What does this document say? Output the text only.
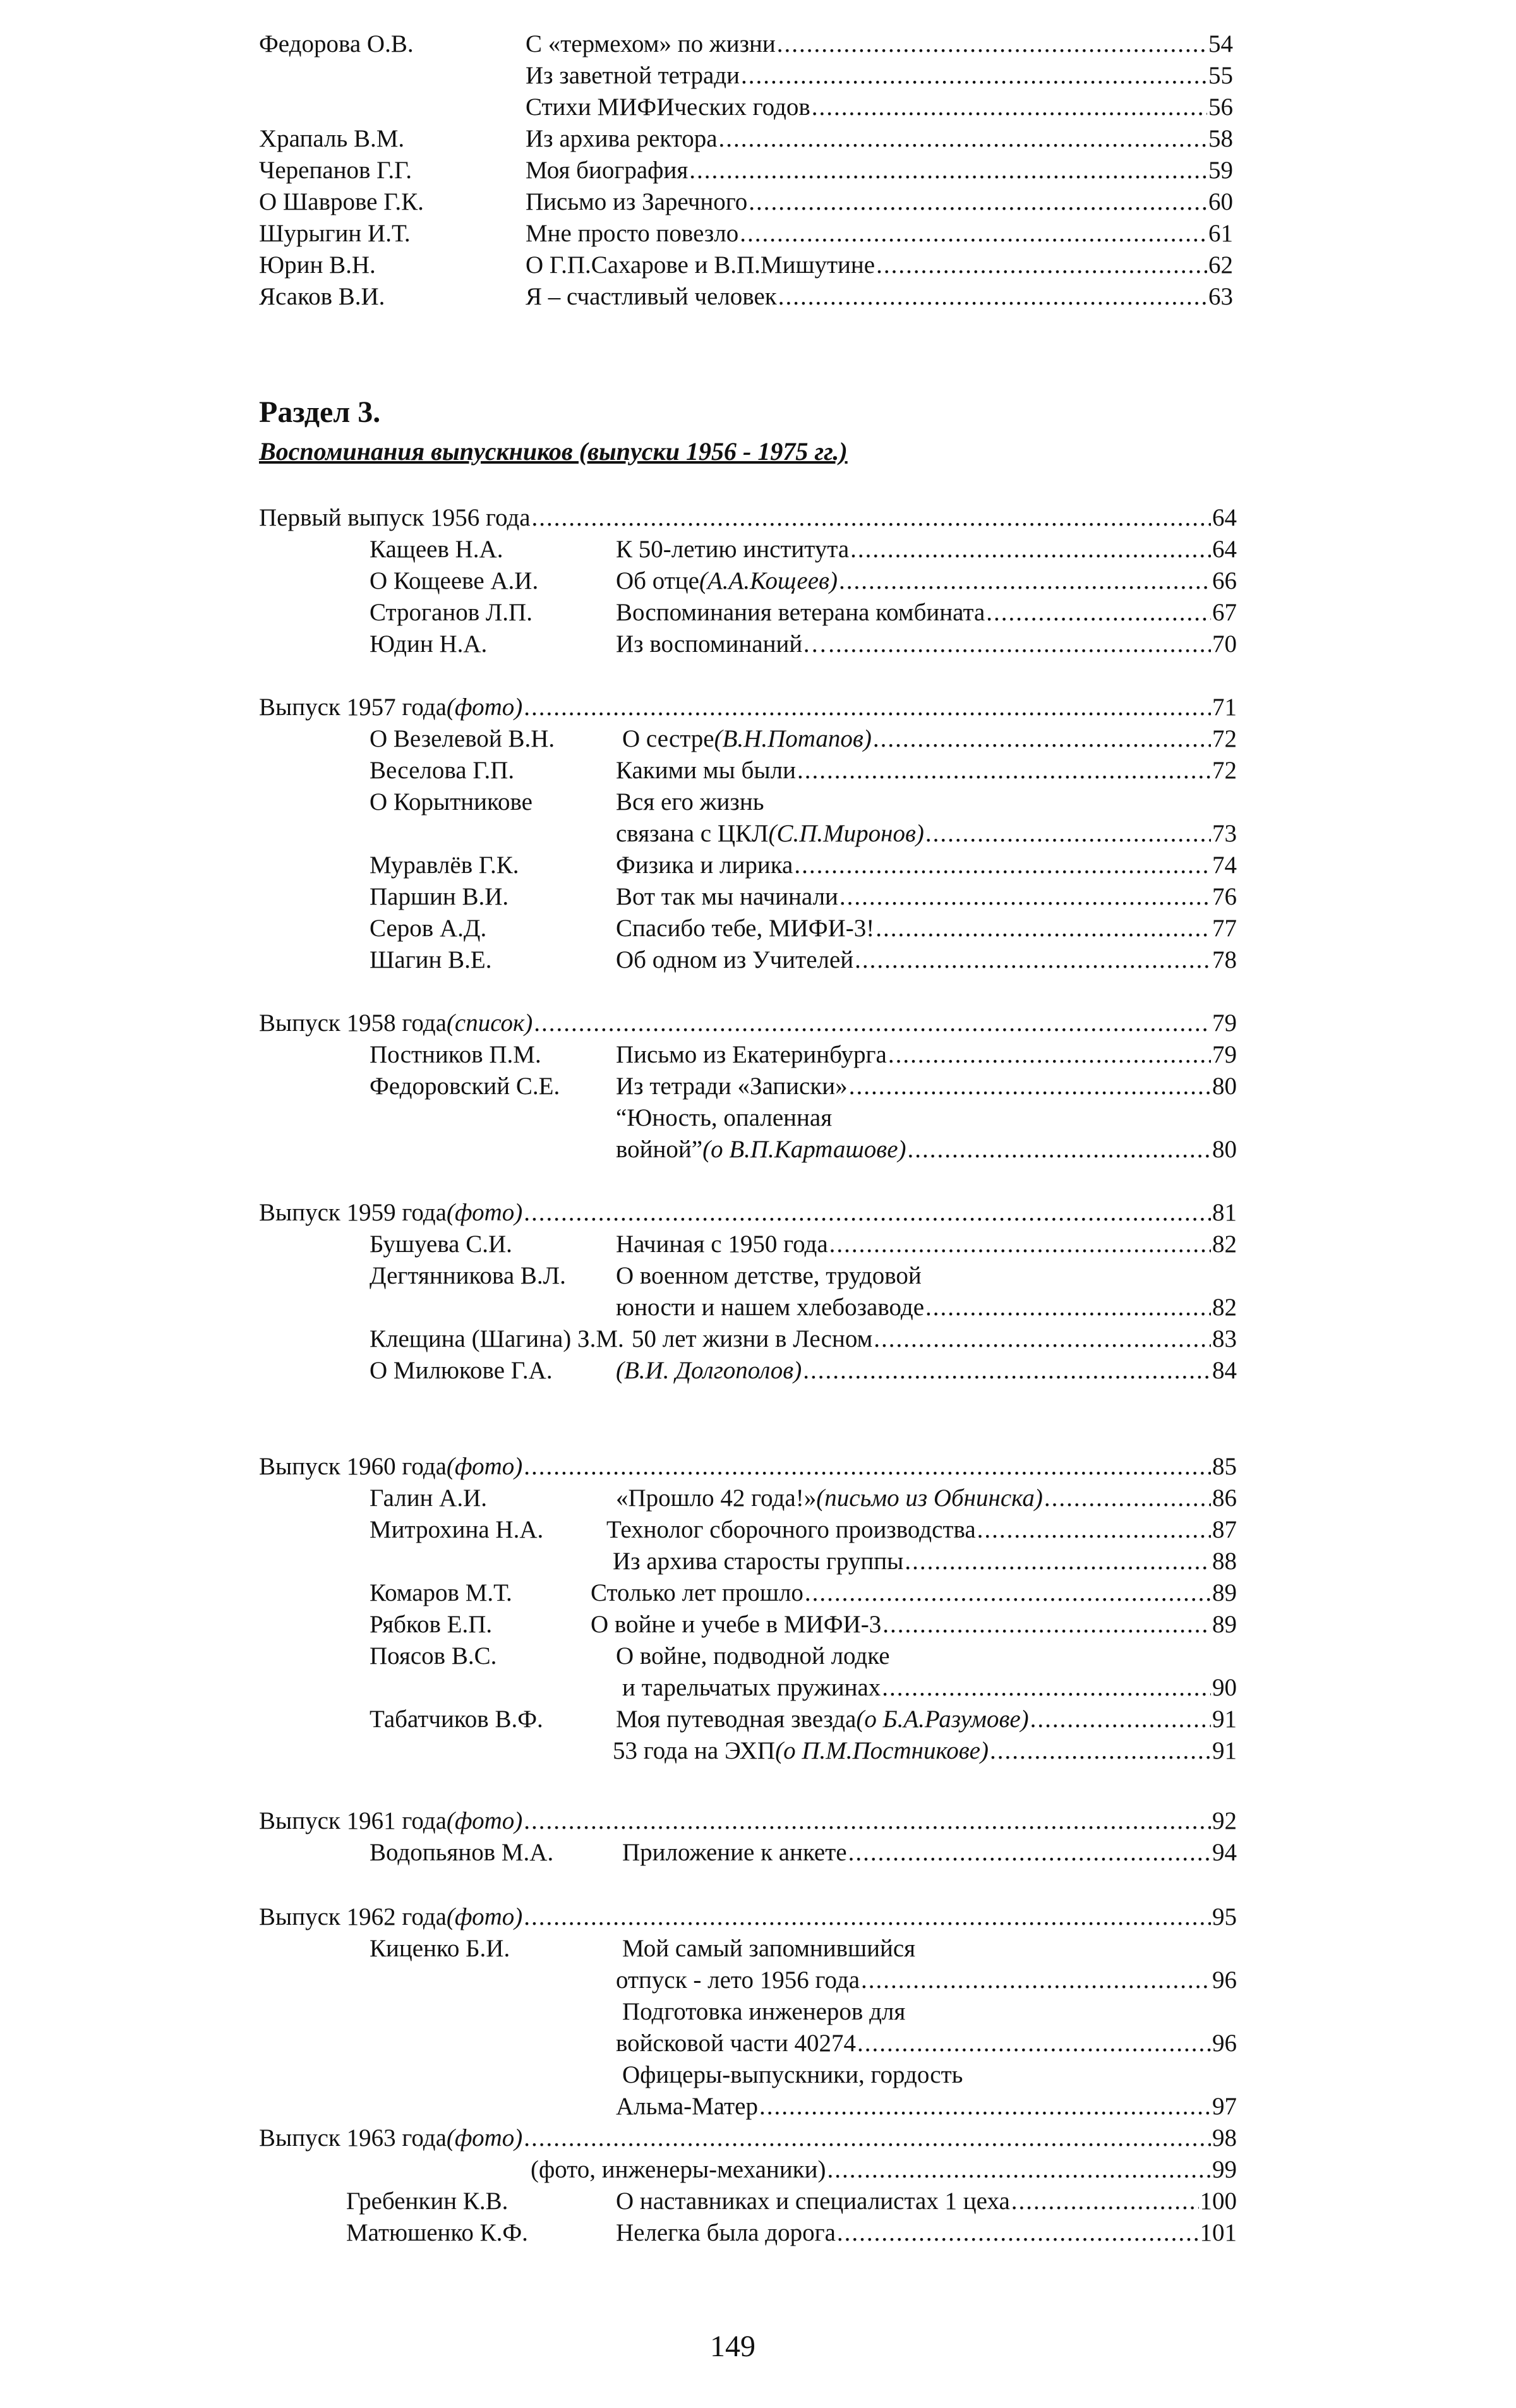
Федорова О.В.	С «термехом» по жизни .....	54
Из заветной тетради .....	55
Стихи МИФИческих годов .....	56
Храпаль В.М.	Из архива ректора .....	58
Черепанов Г.Г.	Моя биография .....	59
О Шаврове Г.К.	Письмо из Заречного .....	60
Шурыгин И.Т.	Мне просто повезло .....	61
Юрин В.Н.	О Г.П.Сахарове и В.П.Мишутине .....	62
Ясаков В.И.	Я – счастливый человек .....	63
Раздел 3.
Воспоминания выпускников (выпуски 1956 - 1975 гг.)
Первый выпуск 1956 года .....	64
Кащеев Н.А.	К 50-летию института .....	64
О Кощееве А.И.	Об отце (А.А.Кощеев) .....	66
Строганов Л.П.	Воспоминания ветерана комбината .....	67
Юдин Н.А.	Из воспоминаний… .....	70
Выпуск 1957 года (фото) .....	71
О Везелевой В.Н.	О сестре (В.Н.Потапов) .....	72
Веселова Г.П.	Какими мы были .....	72
О Корытникове	Вся его жизнь
связана с ЦКЛ (С.П.Миронов) .....	73
Муравлёв Г.К.	Физика и лирика .....	74
Паршин В.И.	Вот так мы начинали .....	76
Серов А.Д.	Спасибо тебе, МИФИ-3! .....	77
Шагин В.Е.	Об одном из Учителей .....	78
Выпуск 1958 года (список) .....	79
Постников П.М.	Письмо из Екатеринбурга .....	79
Федоровский С.Е. Из тетради «Записки» .....	80
“Юность, опаленная
войной” (о В.П.Карташове) .....	80
Выпуск 1959 года (фото) .....	81
Бушуева С.И.	Начиная с 1950 года .....	82
Дегтянникова В.Л. О военном детстве, трудовой
юности и нашем хлебозаводе .....	82
Клещина (Шагина) З.М. 50 лет жизни в Лесном .....	83
О Милюкове Г.А.	(В.И. Долгополов) .....	84
Выпуск 1960 года (фото) .....	85
Галин А.И.	«Прошло 42 года!» (письмо из Обнинска) .....	86
Митрохина Н.А.	Технолог сборочного производства .....	87
Из архива старосты группы .....	88
Комаров М.Т.	Столько лет прошло .....	89
Рябков Е.П.	О войне и учебе в МИФИ-3 .....	89
Поясов В.С.	О войне, подводной лодке
и тарельчатых пружинах .....	90
Табатчиков В.Ф.	Моя путеводная звезда (о Б.А.Разумове) .....	91
53 года на ЭХП (о П.М.Постникове) .....	91
Выпуск 1961 года (фото) .....	92
Водопьянов М.А.	Приложение к анкете .....	94
Выпуск 1962 года (фото) .....	95
Киценко Б.И.	Мой самый запомнившийся
отпуск - лето 1956 года .....	96
Подготовка инженеров для
войсковой части 40274 .....	96
Офицеры-выпускники, гордость
Альма-Матер .....	97
Выпуск 1963 года (фото) .....	98
(фото, инженеры-механики) .....	99
Гребенкин К.В.	О наставниках и специалистах 1 цеха .....	100
Матюшенко К.Ф.	Нелегка была дорога .....	101
149
